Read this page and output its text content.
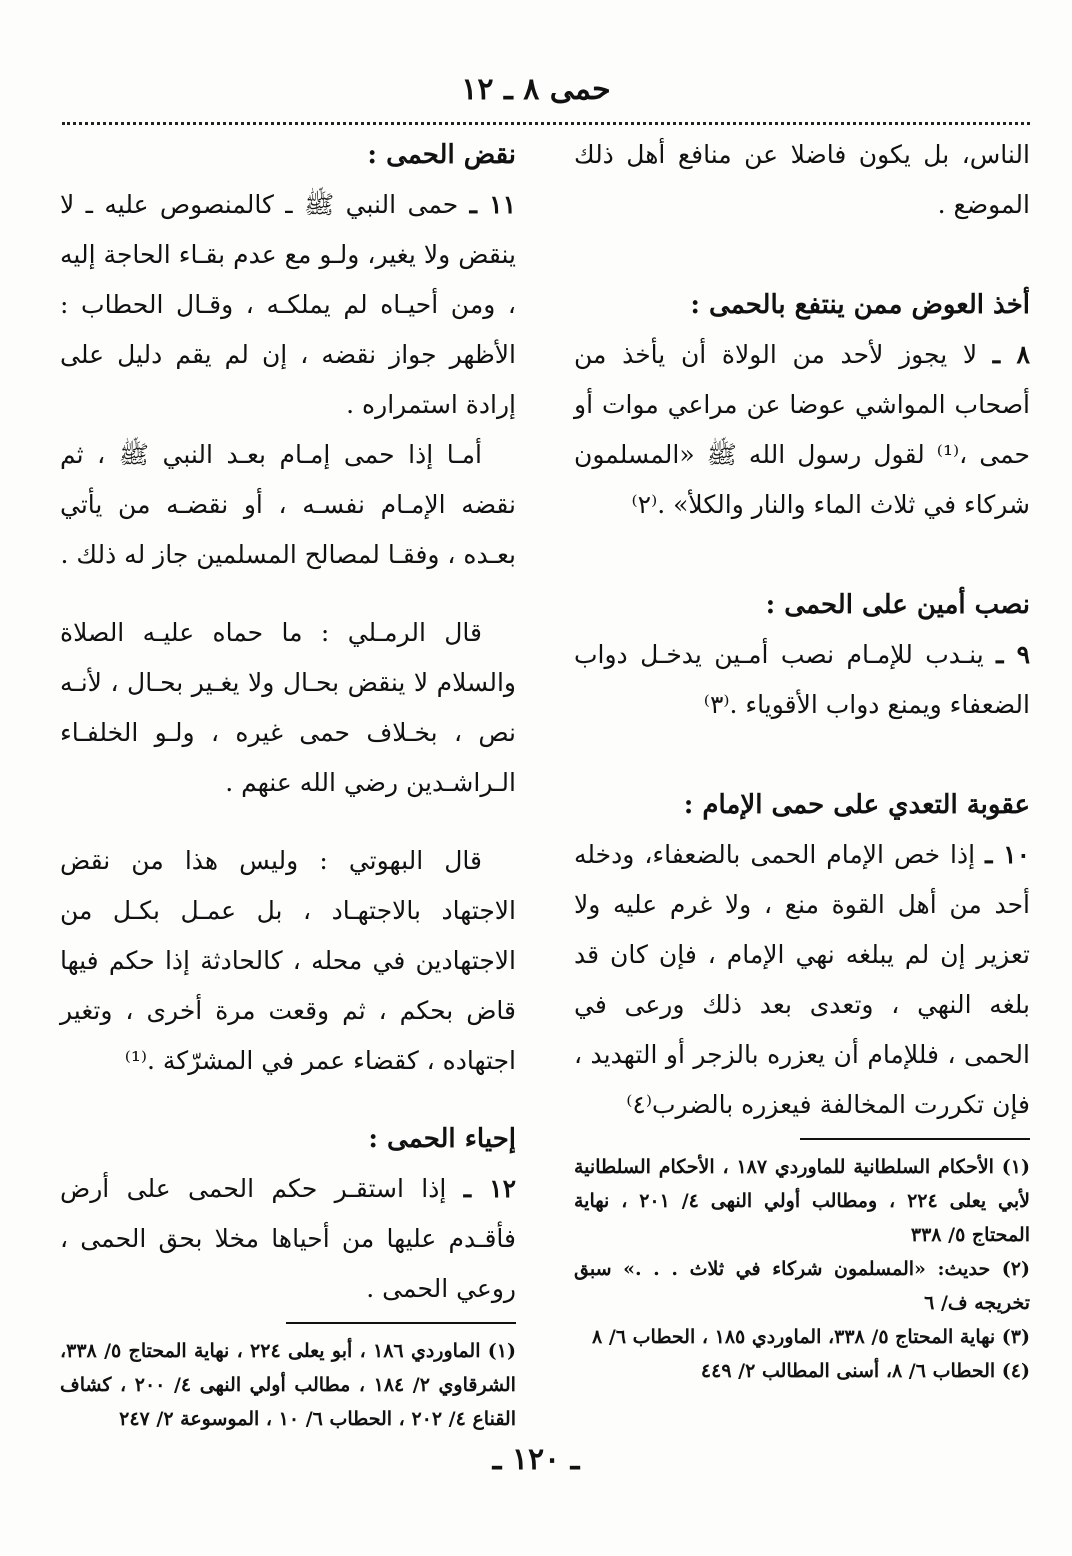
حمى ٨ ـ ١٢

الناس، بل يكون فاضلا عن منافع أهل ذلك الموضع .

أخذ العوض ممن ينتفع بالحمى :

٨ ـ لا يجوز لأحد من الولاة أن يأخذ من أصحاب المواشي عوضا عن مراعي موات أو حمى ،⁽¹⁾ لقول رسول الله ﷺ «المسلمون شركاء في ثلاث الماء والنار والكلأ» .⁽٢⁾

نصب أمين على الحمى :

٩ ـ ينـدب للإمـام نصب أمـين يدخـل دواب الضعفاء ويمنع دواب الأقوياء .⁽٣⁾

عقوبة التعدي على حمى الإمام :

١٠ ـ إذا خص الإمام الحمى بالضعفاء، ودخله أحد من أهل القوة منع ، ولا غرم عليه ولا تعزير إن لم يبلغه نهي الإمام ، فإن كان قد بلغه النهي ، وتعدى بعد ذلك ورعى في الحمى ، فللإمام أن يعزره بالزجر أو التهديد ، فإن تكررت المخالفة فيعزره بالضرب⁽٤⁾

(١) الأحكام السلطانية للماوردي ١٨٧ ، الأحكام السلطانية لأبي يعلى ٢٢٤ ، ومطالب أولي النهى ٤/ ٢٠١ ، نهاية المحتاج ٥/ ٣٣٨

(٢) حديث: «المسلمون شركاء في ثلاث . . .» سبق تخريجه ف/ ٦

(٣) نهاية المحتاج ٥/ ٣٣٨، الماوردي ١٨٥ ، الحطاب ٦/ ٨

(٤) الحطاب ٦/ ٨، أسنى المطالب ٢/ ٤٤٩

نقض الحمى :

١١ ـ حمى النبي ﷺ ـ كالمنصوص عليه ـ لا ينقض ولا يغير، ولـو مع عدم بقـاء الحاجة إليه ، ومن أحيـاه لم يملكـه ، وقـال الحطاب : الأظهر جواز نقضه ، إن لم يقم دليل على إرادة استمراره .

أمـا إذا حمى إمـام بعـد النبي ﷺ ، ثم نقضه الإمـام نفسـه ، أو نقضـه من يأتي بعـده ، وفقـا لمصالح المسلمين جاز له ذلك .

قال الرمـلي : ما حماه عليـه الصلاة والسلام لا ينقض بحـال ولا يغـير بحـال ، لأنـه نص ، بخـلاف حمى غيره ، ولـو الخلفـاء الـراشـدين رضي الله عنهم .

قال البهوتي : وليس هذا من نقض الاجتهاد بالاجتهـاد ، بل عمـل بكـل من الاجتهادين في محله ، كالحادثة إذا حكم فيها قاض بحكم ، ثم وقعت مرة أخرى ، وتغير اجتهاده ، كقضاء عمر في المشرّكة .⁽¹⁾

إحياء الحمى :

١٢ ـ إذا استقـر حكم الحمى على أرض فأقـدم عليها من أحياها مخلا بحق الحمى ، روعي الحمى .

(١) الماوردي ١٨٦ ، أبو يعلى ٢٢٤ ، نهاية المحتاج ٥/ ٣٣٨، الشرقاوي ٢/ ١٨٤ ، مطالب أولي النهى ٤/ ٢٠٠ ، كشاف القناع ٤/ ٢٠٢ ، الحطاب ٦/ ١٠ ، الموسوعة ٢/ ٢٤٧

ـ ١٢٠ ـ
